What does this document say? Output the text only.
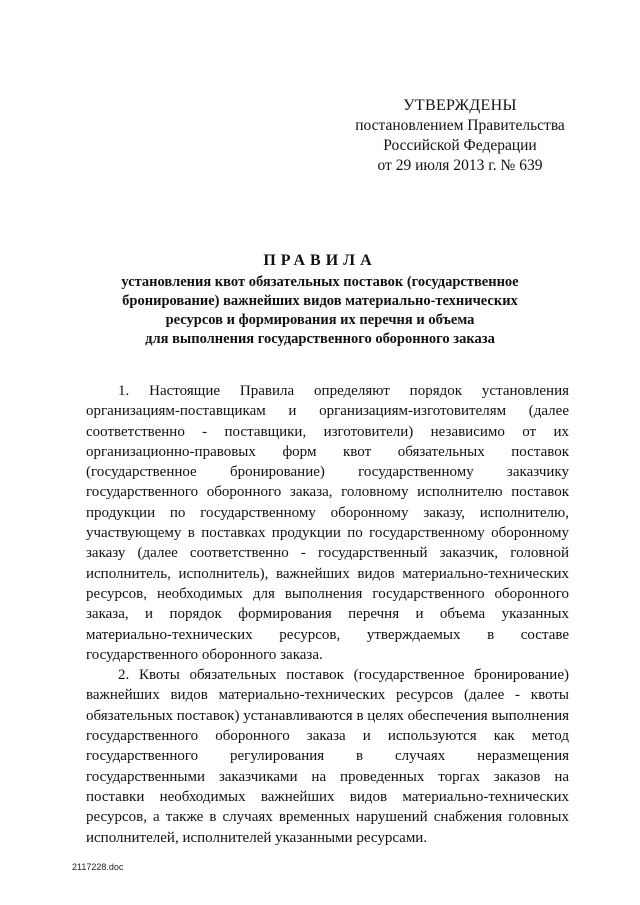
УТВЕРЖДЕНЫ
постановлением Правительства
Российской Федерации
от 29 июля 2013 г. № 639
ПРАВИЛА
установления квот обязательных поставок (государственное
бронирование) важнейших видов материально-технических
ресурсов и формирования их перечня и объема
для выполнения государственного оборонного заказа

1. Настоящие Правила определяют порядок установления
организациям-поставщикам и организациям-изготовителям (далее
соответственно - поставщики, изготовители) независимо от их
организационно-правовых форм квот обязательных поставок
(государственное бронирование) государственному заказчику
государственного оборонного заказа, головному исполнителю поставок
продукции по государственному оборонному заказу, исполнителю,
участвующему в поставках продукции по государственному оборонному
заказу (далее соответственно - государственный заказчик, головной
исполнитель, исполнитель), важнейших видов материально-технических
ресурсов, необходимых для выполнения государственного оборонного
заказа, и порядок формирования перечня и объема указанных
материально-технических ресурсов, утверждаемых в составе
государственного оборонного заказа.

2. Квоты обязательных поставок (государственное бронирование)
важнейших видов материально-технических ресурсов (далее - квоты
обязательных поставок) устанавливаются в целях обеспечения выполнения
государственного оборонного заказа и используются как метод
государственного регулирования в случаях неразмещения
государственными заказчиками на проведенных торгах заказов на
поставки необходимых важнейших видов материально-технических
ресурсов, а также в случаях временных нарушений снабжения головных
исполнителей, исполнителей указанными ресурсами.

2117228.doc
